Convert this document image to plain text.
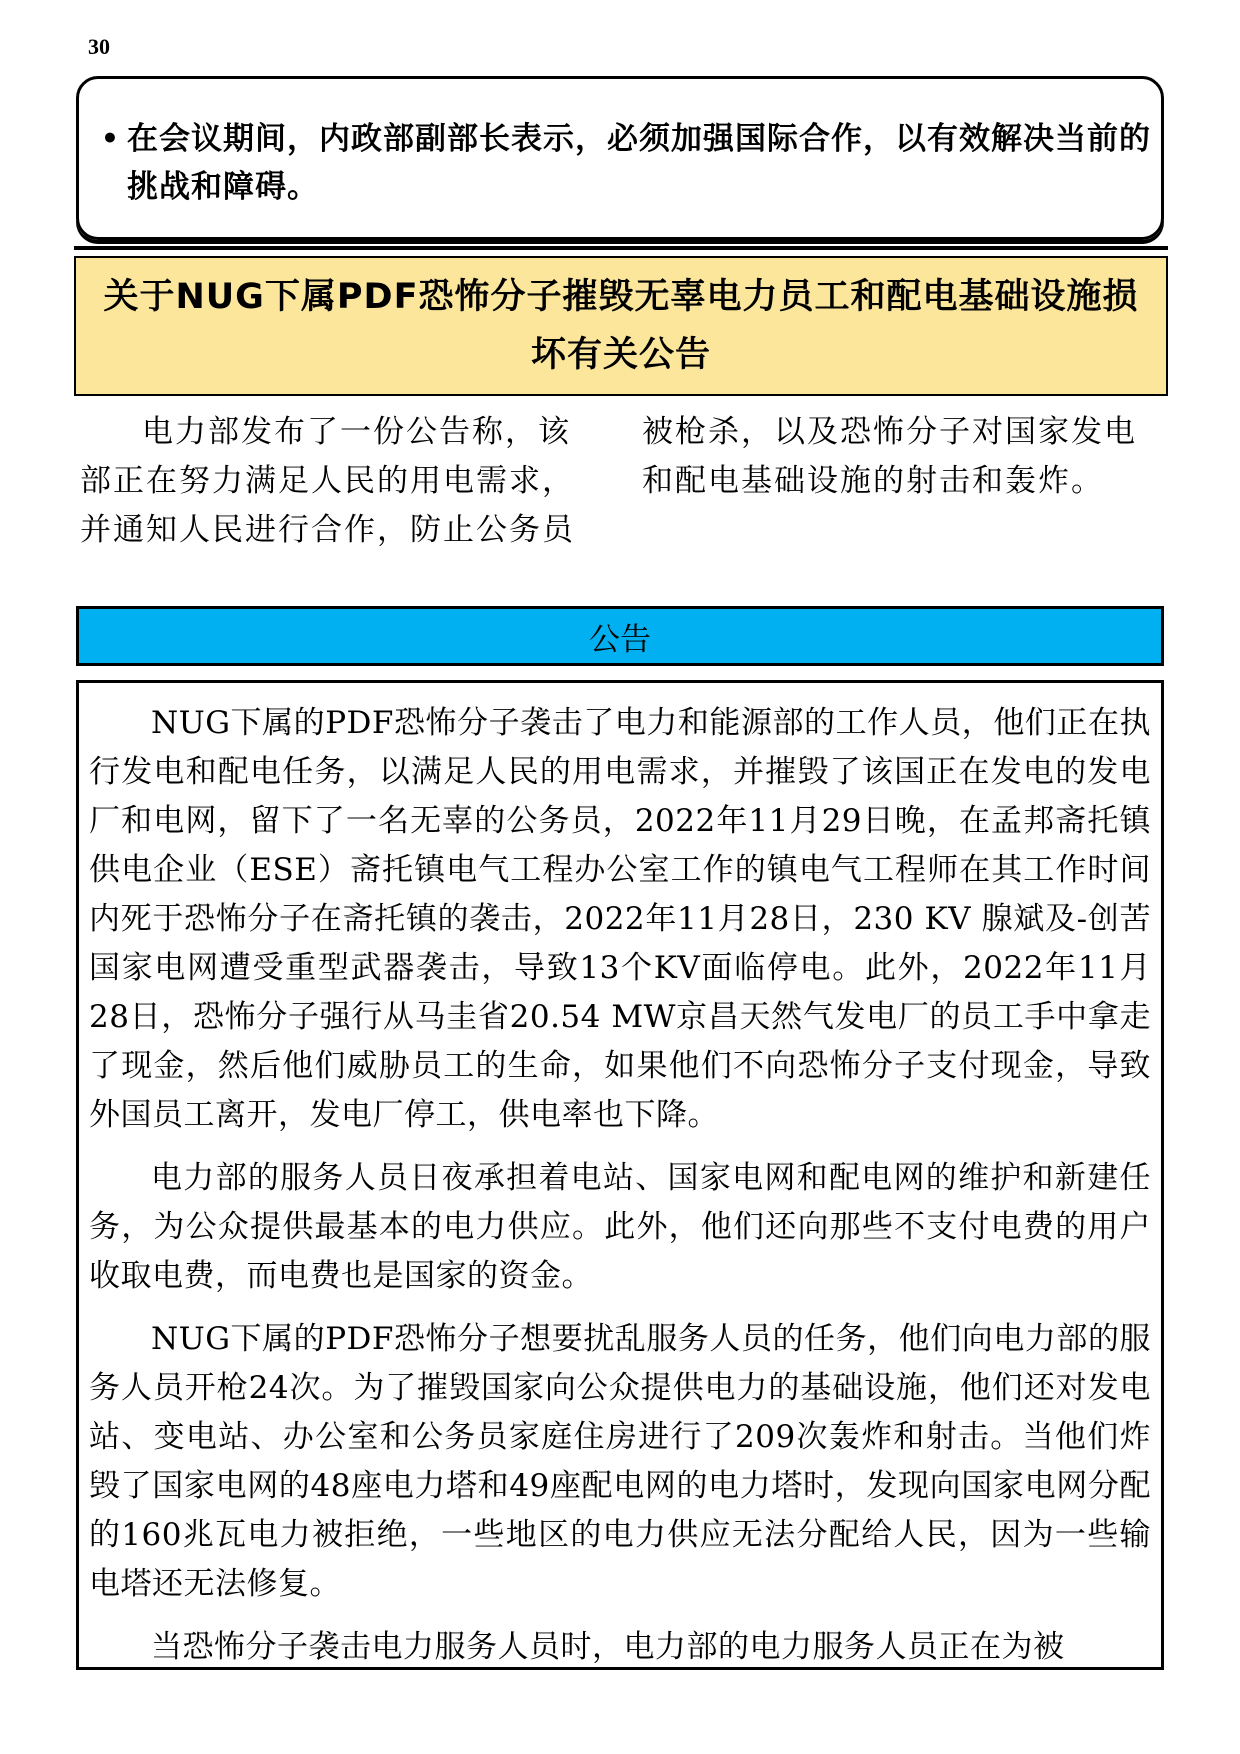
30
• 在会议期间，内政部副部长表示，必须加强国际合作，以有效解决当前的挑战和障碍。
关于NUG下属PDF恐怖分子摧毁无辜电力员工和配电基础设施损坏有关公告

电力部发布了一份公告称，该部正在努力满足人民的用电需求，并通知人民进行合作，防止公务员

被枪杀，以及恐怖分子对国家发电和配电基础设施的射击和轰炸。

公告

NUG下属的PDF恐怖分子袭击了电力和能源部的工作人员，他们正在执行发电和配电任务，以满足人民的用电需求，并摧毁了该国正在发电的发电厂和电网，留下了一名无辜的公务员，2022年11月29日晚，在孟邦斋托镇供电企业（ESE）斋托镇电气工程办公室工作的镇电气工程师在其工作时间内死于恐怖分子在斋托镇的袭击，2022年11月28日，230 KV 腺斌及-创苦国家电网遭受重型武器袭击，导致13个KV面临停电。此外，2022年11月28日，恐怖分子强行从马圭省20.54 MW京昌天然气发电厂的员工手中拿走了现金，然后他们威胁员工的生命，如果他们不向恐怖分子支付现金，导致外国员工离开，发电厂停工，供电率也下降。

电力部的服务人员日夜承担着电站、国家电网和配电网的维护和新建任务，为公众提供最基本的电力供应。此外，他们还向那些不支付电费的用户收取电费，而电费也是国家的资金。

NUG下属的PDF恐怖分子想要扰乱服务人员的任务，他们向电力部的服务人员开枪24次。为了摧毁国家向公众提供电力的基础设施，他们还对发电站、变电站、办公室和公务员家庭住房进行了209次轰炸和射击。当他们炸毁了国家电网的48座电力塔和49座配电网的电力塔时，发现向国家电网分配的160兆瓦电力被拒绝，一些地区的电力供应无法分配给人民，因为一些输电塔还无法修复。

当恐怖分子袭击电力服务人员时，电力部的电力服务人员正在为被
